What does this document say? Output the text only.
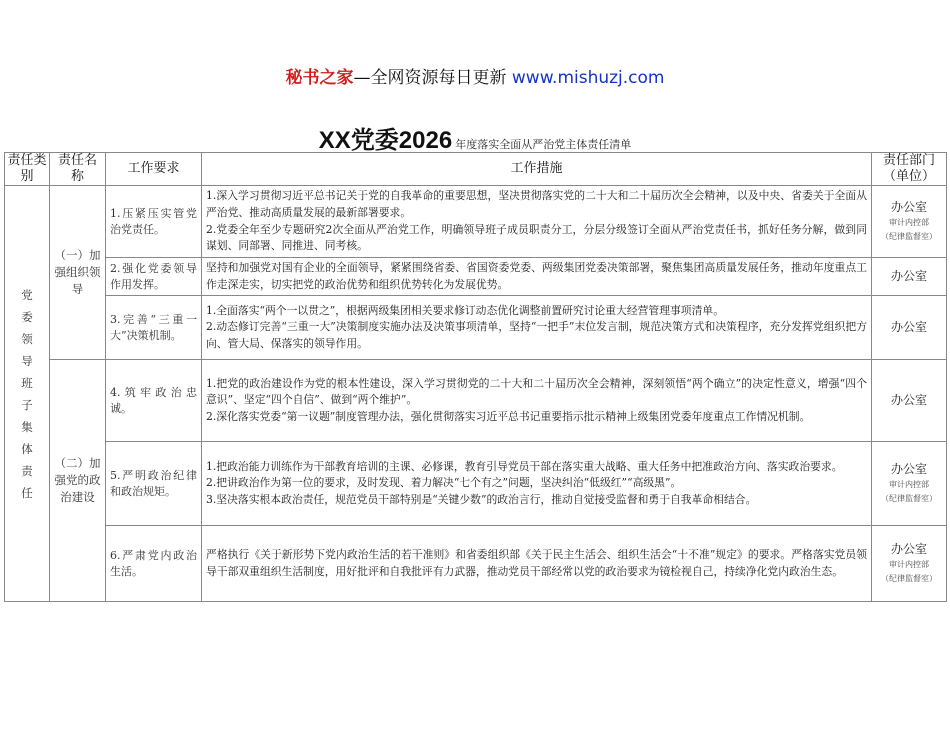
秘书之家—全网资源每日更新 www.mishuzj.com
XX党委2026 年度落实全面从严治党主体责任清单
责任类别	责任名称	工作要求	工作措施	责任部门（单位）

党委领导班子集体责任	（一）加强组织领导	1.压紧压实管党治党责任。	1.深入学习贯彻习近平总书记关于党的自我革命的重要思想，坚决贯彻落实党的二十大和二十届历次全会精神，以及中央、省委关于全面从严治党、推动高质量发展的最新部署要求。
2.党委全年至少专题研究2次全面从严治党工作，明确领导班子成员职责分工，分层分级签订全面从严治党责任书，抓好任务分解，做到同谋划、同部署、同推进、同考核。	办公室
审计内控部
（纪律监督室）

		2.强化党委领导作用发挥。	坚持和加强党对国有企业的全面领导，紧紧围绕省委、省国资委党委、两级集团党委决策部署，聚焦集团高质量发展任务，推动年度重点工作走深走实，切实把党的政治优势和组织优势转化为发展优势。	办公室

		3.完善“三重一大”决策机制。	1.全面落实“两个一以贯之”，根据两级集团相关要求修订动态优化调整前置研究讨论重大经营管理事项清单。
2.动态修订完善“三重一大”决策制度实施办法及决策事项清单，坚持“一把手”末位发言制，规范决策方式和决策程序，充分发挥党组织把方向、管大局、保落实的领导作用。	办公室

	（二）加强党的政治建设	4.筑牢政治忠诚。	1.把党的政治建设作为党的根本性建设，深入学习贯彻党的二十大和二十届历次全会精神，深刻领悟“两个确立”的决定性意义，增强“四个意识”、坚定“四个自信”、做到“两个维护”。
2.深化落实党委“第一议题”制度管理办法，强化贯彻落实习近平总书记重要指示批示精神上级集团党委年度重点工作情况机制。	办公室

		5.严明政治纪律和政治规矩。	1.把政治能力训练作为干部教育培训的主课、必修课，教育引导党员干部在落实重大战略、重大任务中把准政治方向、落实政治要求。
2.把讲政治作为第一位的要求，及时发现、着力解决“七个有之”问题，坚决纠治“低级红”“高级黑”。
3.坚决落实根本政治责任，规范党员干部特别是“关键少数”的政治言行，推动自觉接受监督和勇于自我革命相结合。	办公室
审计内控部
（纪律监督室）

		6.严肃党内政治生活。	严格执行《关于新形势下党内政治生活的若干准则》和省委组织部《关于民主生活会、组织生活会“十不准”规定》的要求。严格落实党员领导干部双重组织生活制度，用好批评和自我批评有力武器，推动党员干部经常以党的政治要求为镜检视自己，持续净化党内政治生态。	办公室
审计内控部
（纪律监督室）
